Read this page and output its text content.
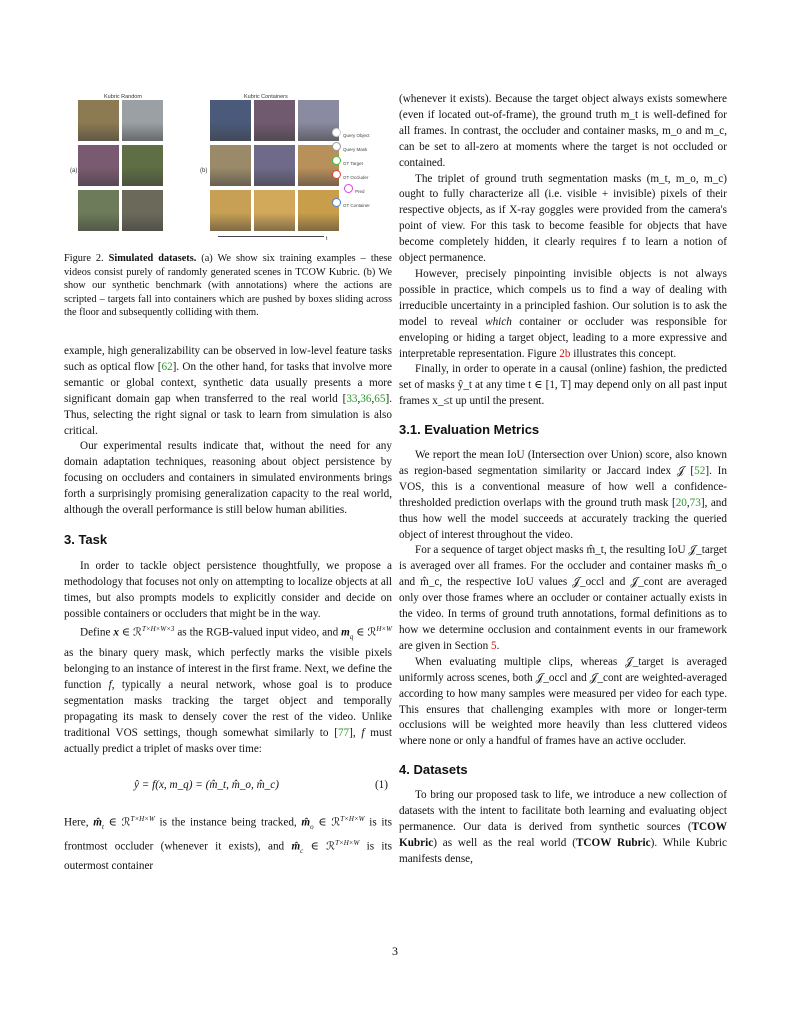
Kubric Random	Kubric Containers
(a)	(b)
t
Query Object
Query Mask
GT Target
GT Occluder
Pred
GT Container

Figure 2. Simulated datasets. (a) We show six training examples – these videos consist purely of randomly generated scenes in TCOW Kubric. (b) We show our synthetic benchmark (with annotations) where the actions are scripted – targets fall into containers which are pushed by boxes sliding across the floor and subsequently colliding with them.

example, high generalizability can be observed in low-level feature tasks such as optical flow [62]. On the other hand, for tasks that involve more semantic or global context, synthetic data usually presents a more significant domain gap when transferred to the real world [33,36,65]. Thus, selecting the right signal or task to learn from simulation is also critical.

Our experimental results indicate that, without the need for any domain adaptation techniques, reasoning about object persistence by focusing on occluders and containers in simulated environments brings forth a surprisingly promising generalization capacity to the real world, although the overall performance is still below human abilities.

3. Task

In order to tackle object persistence thoughtfully, we propose a methodology that focuses not only on attempting to localize objects at all times, but also prompts models to explicitly consider and decide on possible containers or occluders that might be in the way.

Define x ∈ ℛ$^{T\times H\times W\times 3}$ as the RGB-valued input video, and $m_q$ ∈ ℛ$^{H\times W}$ as the binary query mask, which perfectly marks the visible pixels belonging to an instance of interest in the first frame. Next, we define the function f, typically a neural network, whose goal is to produce segmentation masks tracking the target object and temporally propagating its mask to densely cover the rest of the video. Unlike traditional VOS settings, though somewhat similarly to [77], f must actually predict a triplet of masks over time:

ŷ = f(x, m_q) = (m̂_t, m̂_o, m̂_c)	(1)

Here, $m̂_t$ ∈ ℛ$^{T\times H\times W}$ is the instance being tracked, $m̂_o$ ∈ ℛ$^{T\times H\times W}$ is its frontmost occluder (whenever it exists), and $m̂_c$ ∈ ℛ$^{T\times H\times W}$ is its outermost container

(whenever it exists). Because the target object always exists somewhere (even if located out-of-frame), the ground truth m_t is well-defined for all frames. In contrast, the occluder and container masks, m_o and m_c, can be set to all-zero at moments where the target is not occluded or contained.

The triplet of ground truth segmentation masks (m_t, m_o, m_c) ought to fully characterize all (i.e. visible + invisible) pixels of their respective objects, as if X-ray goggles were provided from the camera's point of view. For this task to become feasible for objects that have become completely hidden, it clearly requires f to learn a notion of object permanence.

However, precisely pinpointing invisible objects is not always possible in practice, which compels us to find a way of dealing with irreducible uncertainty in a principled fashion. Our solution is to ask the model to reveal which container or occluder was responsible for enveloping or hiding a target object, leading to a more expressive and interpretable representation. Figure 2b illustrates this concept.

Finally, in order to operate in a causal (online) fashion, the predicted set of masks ŷ_t at any time t ∈ [1, T] may depend only on all past input frames x_≤t up until the present.

3.1. Evaluation Metrics

We report the mean IoU (Intersection over Union) score, also known as region-based segmentation similarity or Jaccard index 𝒥 [52]. In VOS, this is a conventional measure of how well a confidence-thresholded prediction overlaps with the ground truth mask [20,73], and thus how well the model succeeds at accurately tracking the queried object of interest throughout the video.

For a sequence of target object masks m̂_t, the resulting IoU 𝒥_target is averaged over all frames. For the occluder and container masks m̂_o and m̂_c, the respective IoU values 𝒥_occl and 𝒥_cont are averaged only over those frames where an occluder or container actually exists in the video. In terms of ground truth annotations, formal definitions as to how we determine occlusion and containment events in our framework are given in Section 5.

When evaluating multiple clips, whereas 𝒥_target is averaged uniformly across scenes, both 𝒥_occl and 𝒥_cont are weighted-averaged according to how many samples were measured per video for each type. This ensures that challenging examples with more or longer-term occlusions will be weighted more heavily than less cluttered videos where none or only a handful of frames have an active occluder.

4. Datasets

To bring our proposed task to life, we introduce a new collection of datasets with the intent to facilitate both learning and evaluating object permanence. Our data is derived from synthetic sources (TCOW Kubric) as well as the real world (TCOW Rubric). While Kubric manifests dense,

3
